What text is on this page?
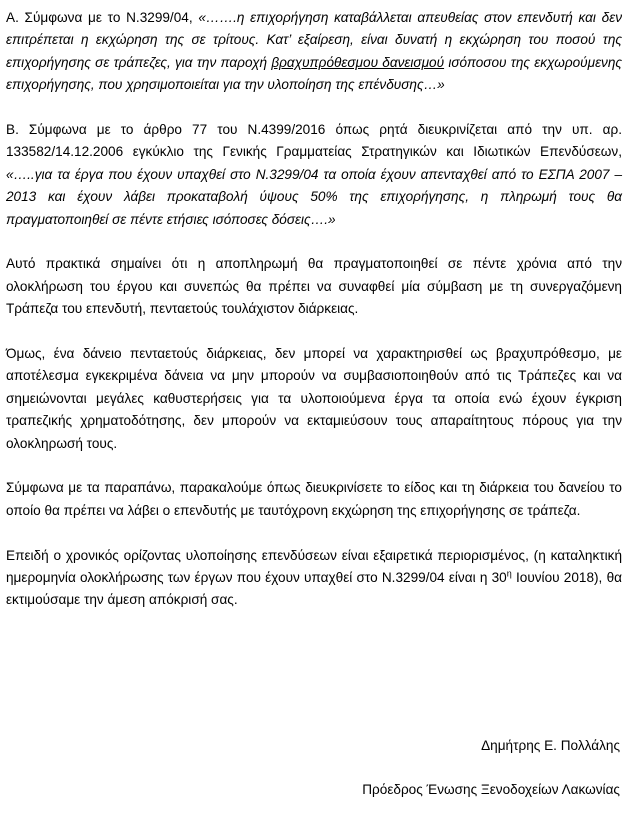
Α. Σύμφωνα με το Ν.3299/04, «…….η επιχορήγηση καταβάλλεται απευθείας στον επενδυτή και δεν επιτρέπεται η εκχώρηση της σε τρίτους. Κατ’ εξαίρεση, είναι δυνατή η εκχώρηση του ποσού της επιχορήγησης σε τράπεζες, για την παροχή βραχυπρόθεσμου δανεισμού ισόποσου της εκχωρούμενης επιχορήγησης, που χρησιμοποιείται για την υλοποίηση της επένδυσης…»

Β. Σύμφωνα με το άρθρο 77 του Ν.4399/2016 όπως ρητά διευκρινίζεται από την υπ. αρ. 133582/14.12.2006 εγκύκλιο της Γενικής Γραμματείας Στρατηγικών και Ιδιωτικών Επενδύσεων, «…..για τα έργα που έχουν υπαχθεί στο Ν.3299/04 τα οποία έχουν απενταχθεί από το ΕΣΠΑ 2007 – 2013 και έχουν λάβει προκαταβολή ύψους 50% της επιχορήγησης, η πληρωμή τους θα πραγματοποιηθεί σε πέντε ετήσιες ισόποσες δόσεις….»

Αυτό πρακτικά σημαίνει ότι η αποπληρωμή θα πραγματοποιηθεί σε πέντε χρόνια από την ολοκλήρωση του έργου και συνεπώς θα πρέπει να συναφθεί μία σύμβαση με τη συνεργαζόμενη Τράπεζα του επενδυτή, πενταετούς τουλάχιστον διάρκειας.

Όμως, ένα δάνειο πενταετούς διάρκειας, δεν μπορεί να χαρακτηρισθεί ως βραχυπρόθεσμο, με αποτέλεσμα εγκεκριμένα δάνεια να μην μπορούν να συμβασιοποιηθούν από τις Τράπεζες και να σημειώνονται μεγάλες καθυστερήσεις για τα υλοποιούμενα έργα τα οποία ενώ έχουν έγκριση τραπεζικής χρηματοδότησης, δεν μπορούν να εκταμιεύσουν τους απαραίτητους πόρους για την ολοκληρωσή τους.

Σύμφωνα με τα παραπάνω, παρακαλούμε όπως διευκρινίσετε το είδος και τη διάρκεια του δανείου το οποίο θα πρέπει να λάβει ο επενδυτής με ταυτόχρονη εκχώρηση της επιχορήγησης σε τράπεζα.

Επειδή ο χρονικός ορίζοντας υλοποίησης επενδύσεων είναι εξαιρετικά περιορισμένος, (η καταληκτική ημερομηνία ολοκλήρωσης των έργων που έχουν υπαχθεί στο Ν.3299/04 είναι η $30^\eta$ Ιουνίου 2018), θα εκτιμούσαμε την άμεση απόκρισή σας.

Δημήτρης Ε. Πολλάλης
Πρόεδρος Ένωσης Ξενοδοχείων Λακωνίας
